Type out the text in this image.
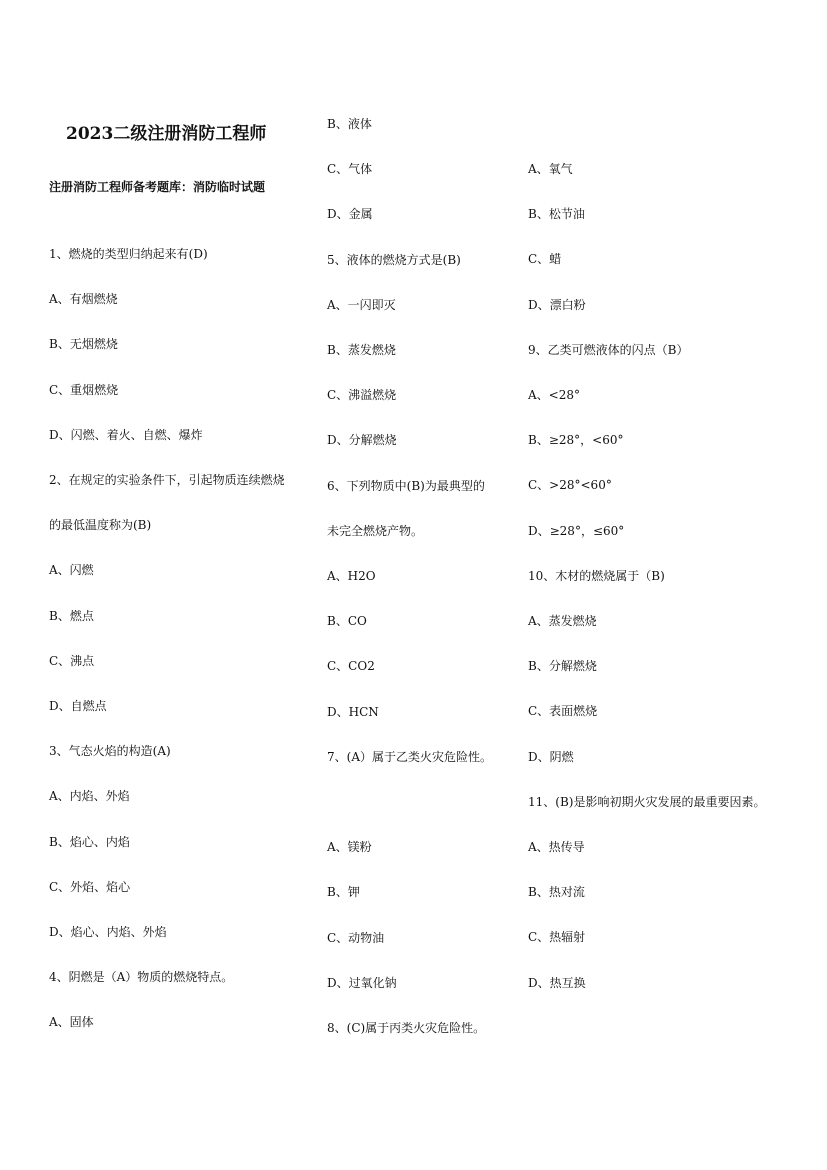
2023二级注册消防工程师
注册消防工程师备考题库：消防临时试题
1、燃烧的类型归纳起来有(D)
A、有烟燃烧
B、无烟燃烧
C、重烟燃烧
D、闪燃、着火、自燃、爆炸
2、在规定的实验条件下，引起物质连续燃烧
的最低温度称为(B)
A、闪燃
B、燃点
C、沸点
D、自燃点
3、气态火焰的构造(A)
A、内焰、外焰
B、焰心、内焰
C、外焰、焰心
D、焰心、内焰、外焰
4、阴燃是（A）物质的燃烧特点。
A、固体
B、液体
C、气体
D、金属
5、液体的燃烧方式是(B)
A、一闪即灭
B、蒸发燃烧
C、沸溢燃烧
D、分解燃烧
6、下列物质中(B)为最典型的
未完全燃烧产物。
A、H2O
B、CO
C、CO2
D、HCN
7、(A）属于乙类火灾危险性。
A、镁粉
B、钾
C、动物油
D、过氧化钠
8、(C)属于丙类火灾危险性。
A、氧气
B、松节油
C、蜡
D、漂白粉
9、乙类可燃液体的闪点（B）
A、<28°
B、≥28°，<60°
C、>28°<60°
D、≥28°，≤60°
10、木材的燃烧属于（B)
A、蒸发燃烧
B、分解燃烧
C、表面燃烧
D、阴燃
11、(B)是影响初期火灾发展的最重要因素。
A、热传导
B、热对流
C、热辐射
D、热互换
